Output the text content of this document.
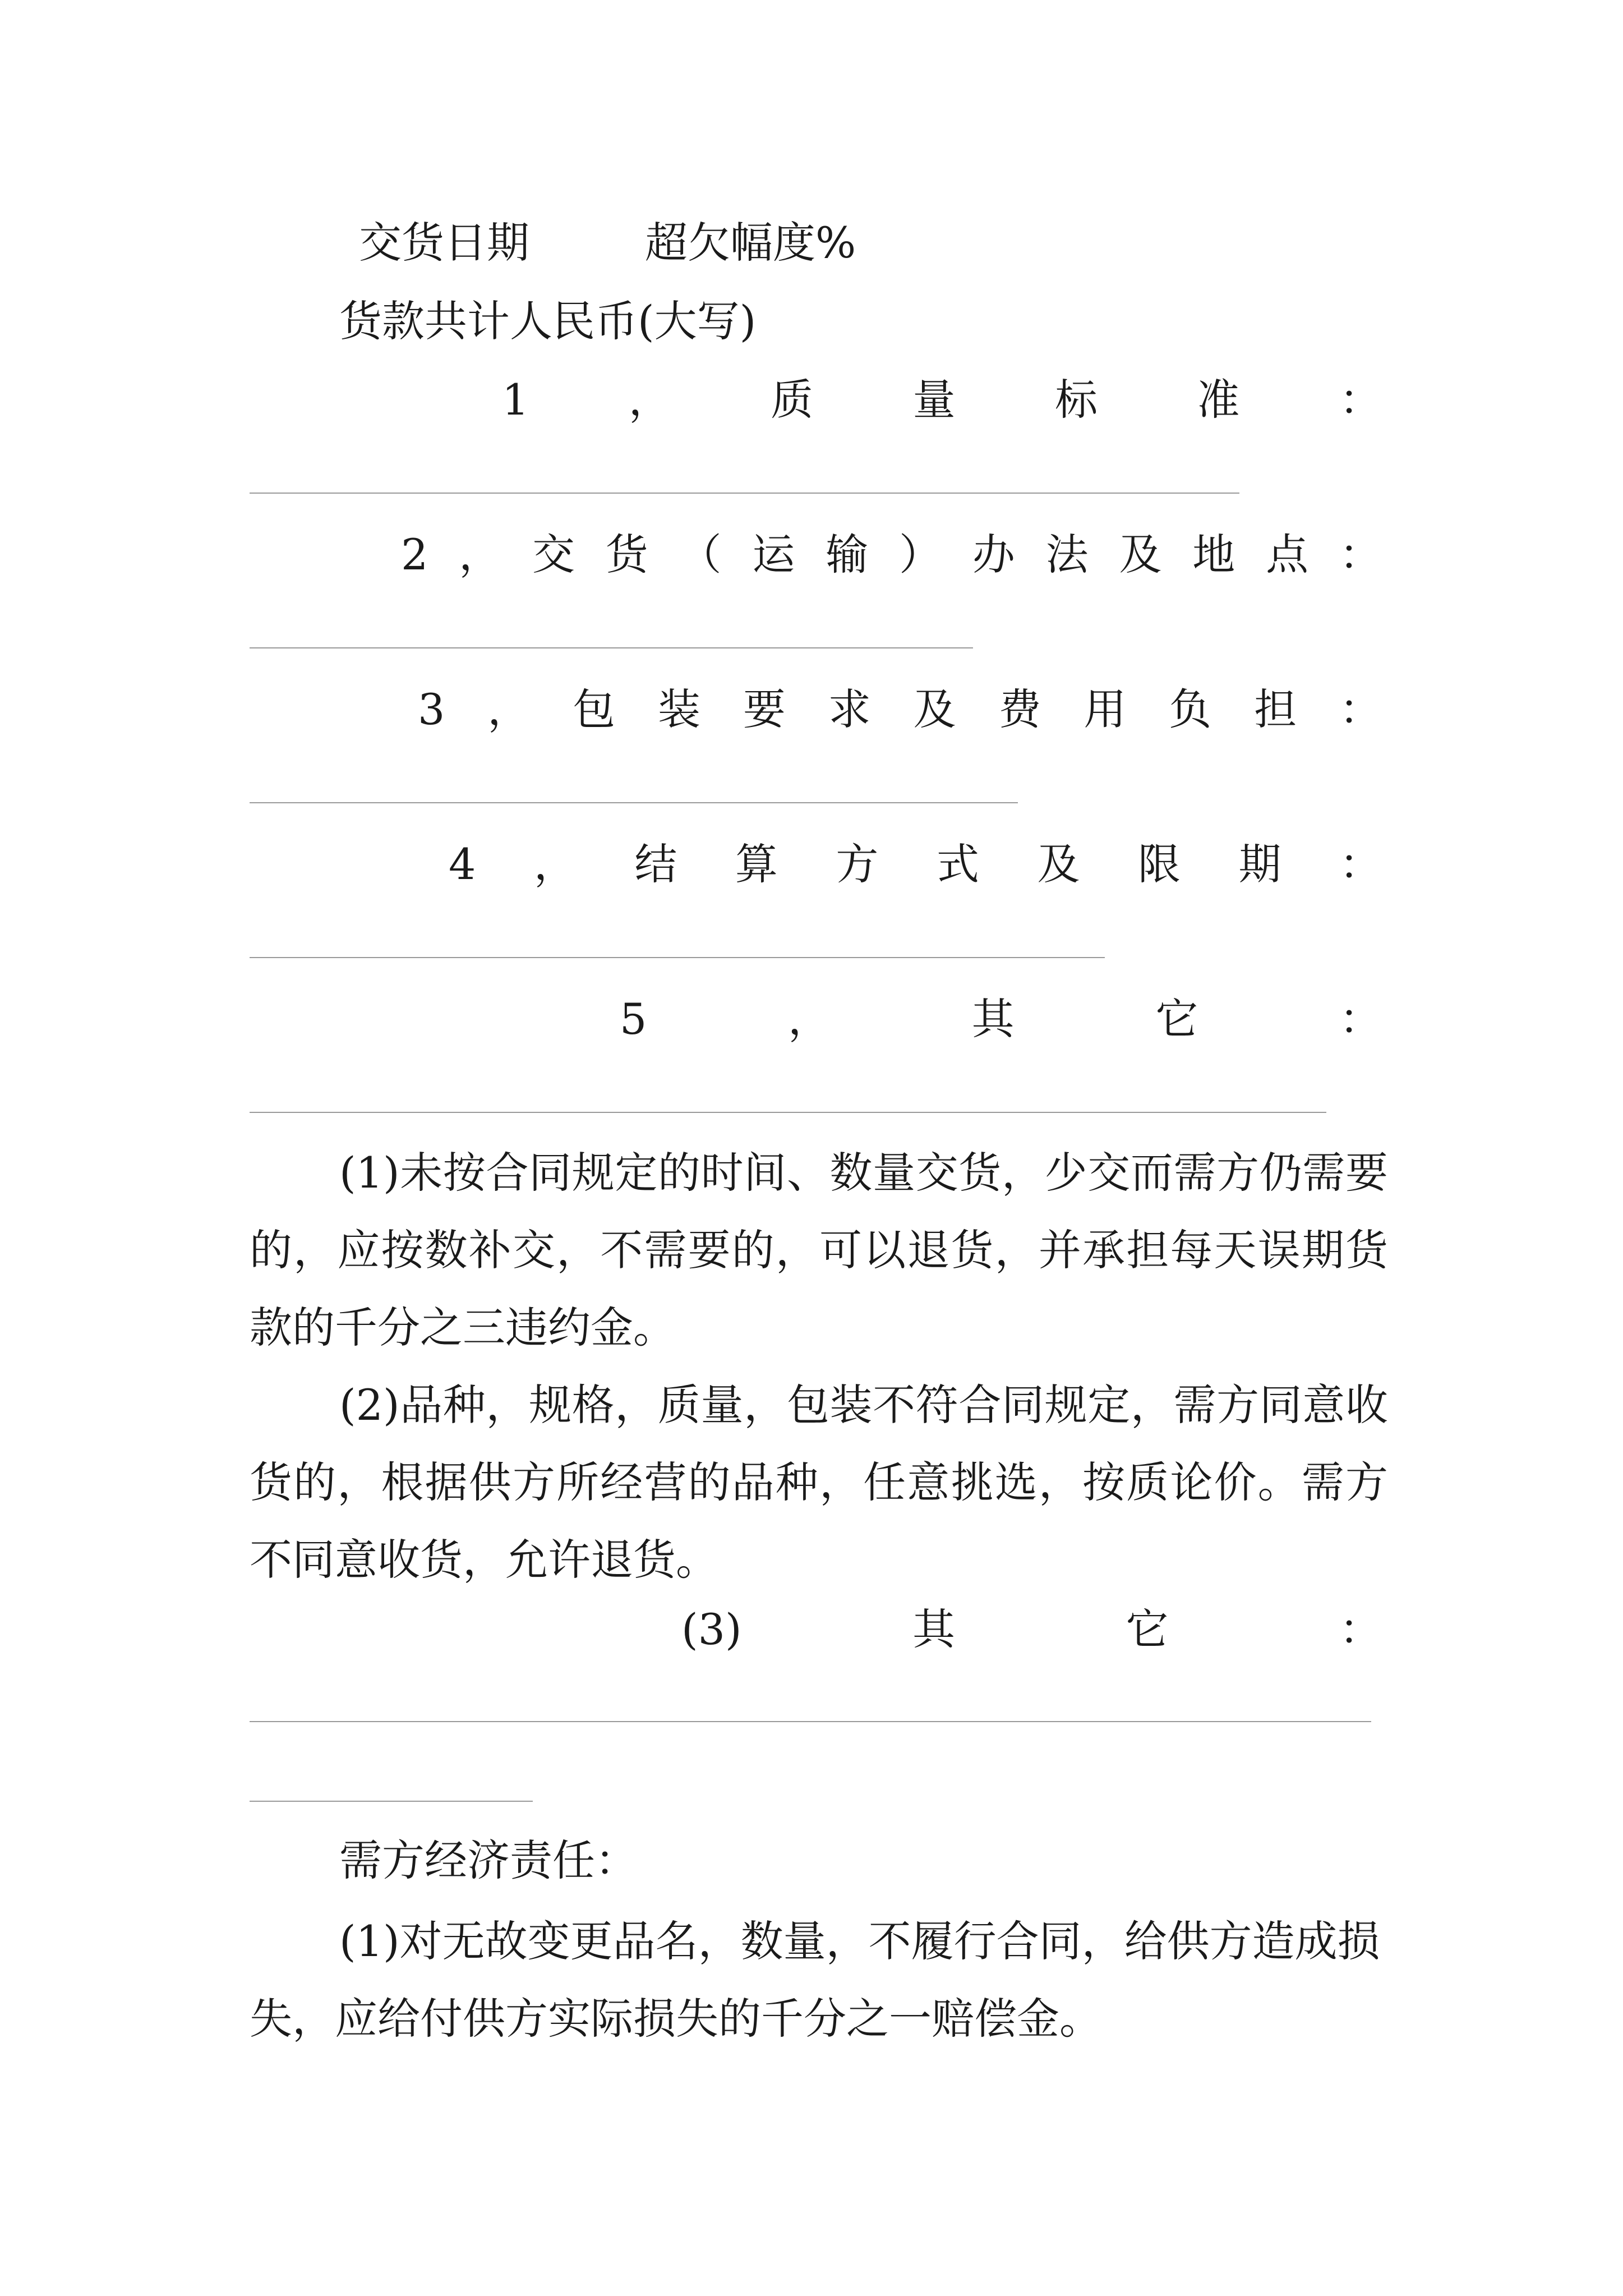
交货日期	超欠幅度%
货款共计人民币(大写)
1 ， 质 量 标 准 ：
2 ， 交 货 （ 运 输 ） 办 法 及 地 点 ：
3 ， 包 装 要 求 及 费 用 负 担 ：
4 ， 结 算 方 式 及 限 期 ：
5	，	其	它	：
(1)未按合同规定的时间、数量交货，少交而需方仍需要的，应按数补交，不需要的，可以退货，并承担每天误期货款的千分之三违约金。
(2)品种，规格，质量，包装不符合同规定，需方同意收货的，根据供方所经营的品种，任意挑选，按质论价。需方不同意收货，允许退货。
(3)	其	它	：
需方经济责任：
(1)对无故变更品名，数量，不履行合同，给供方造成损失，应给付供方实际损失的千分之一赔偿金。
